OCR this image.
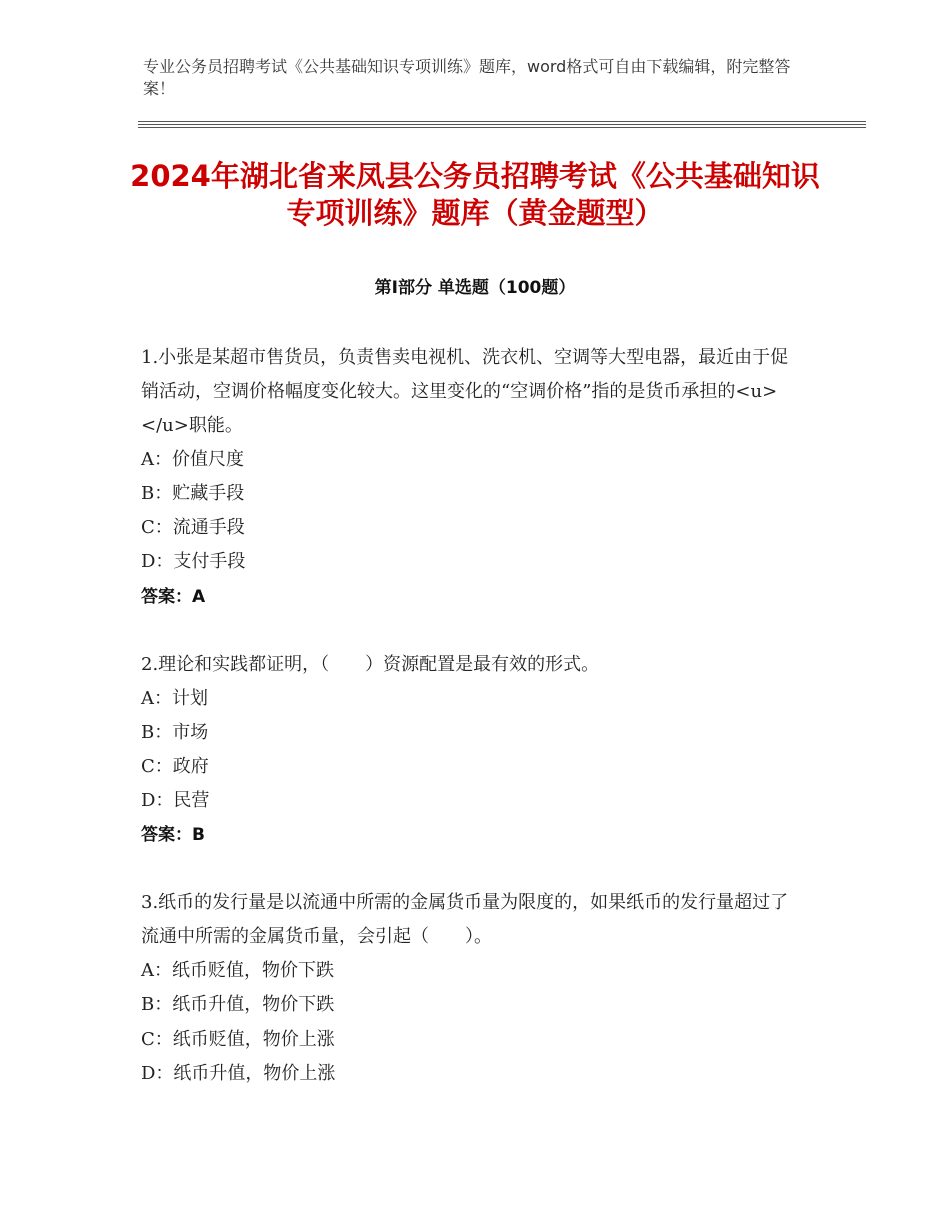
专业公务员招聘考试《公共基础知识专项训练》题库，word格式可自由下载编辑，附完整答案！
2024年湖北省来凤县公务员招聘考试《公共基础知识专项训练》题库（黄金题型）
第I部分 单选题（100题）
1.小张是某超市售货员，负责售卖电视机、洗衣机、空调等大型电器，最近由于促销活动，空调价格幅度变化较大。这里变化的“空调价格”指的是货币承担的<u> </u>职能。
A：价值尺度
B：贮藏手段
C：流通手段
D：支付手段
答案：A
2.理论和实践都证明，（　　）资源配置是最有效的形式。
A：计划
B：市场
C：政府
D：民营
答案：B
3.纸币的发行量是以流通中所需的金属货币量为限度的，如果纸币的发行量超过了流通中所需的金属货币量，会引起（　　）。
A：纸币贬值，物价下跌
B：纸币升值，物价下跌
C：纸币贬值，物价上涨
D：纸币升值，物价上涨
